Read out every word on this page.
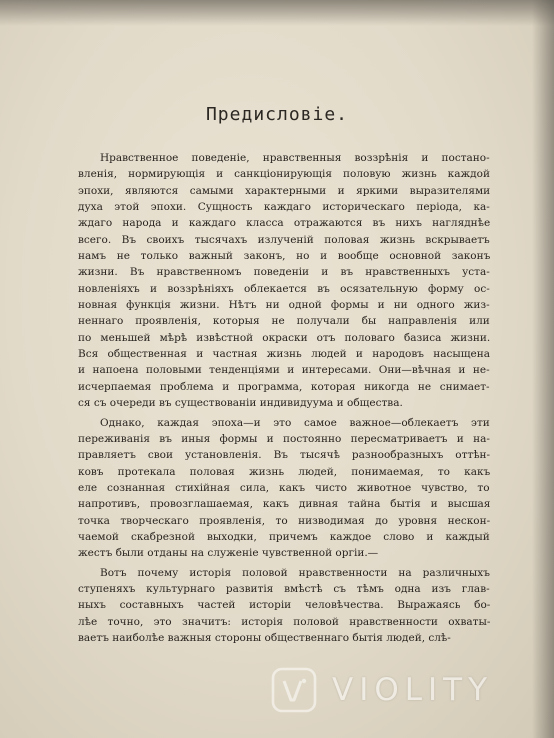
Предисловіе.
Нравственное поведеніе, нравственныя воззрѣнія и постано-
вленія, нормирующія и санкціонирующія половую жизнь каждой
эпохи, являются самыми характерными и яркими выразителями
духа этой эпохи. Сущность каждаго историческаго періода, ка-
ждаго народа и каждаго класса отражаются въ нихъ нагляднѣе
всего. Въ своихъ тысячахъ излученій половая жизнь вскрываетъ
намъ не только важный законъ, но и вообще основной законъ
жизни. Въ нравственномъ поведеніи и въ нравственныхъ уста-
новленіяхъ и воззрѣніяхъ облекается въ осязательную форму ос-
новная функція жизни. Нѣтъ ни одной формы и ни одного жиз-
неннаго проявленія, которыя не получали бы направленія или
по меньшей мѣрѣ извѣстной окраски отъ половаго базиса жизни.
Вся общественная и частная жизнь людей и народовъ насыщена
и напоена половыми тенденціями и интересами. Они—вѣчная и не-
исчерпаемая проблема и программа, которая никогда не снимает-
ся съ очереди въ существованіи индивидуума и общества.
Однако, каждая эпоха—и это самое важное—облекаетъ эти
переживанія въ иныя формы и постоянно пересматриваетъ и на-
правляетъ свои установленія. Въ тысячѣ разнообразныхъ оттѣн-
ковъ протекала половая жизнь людей, понимаемая, то какъ
еле сознанная стихійная сила, какъ чисто животное чувство, то
напротивъ, провозглашаемая, какъ дивная тайна бытія и высшая
точка творческаго проявленія, то низводимая до уровня нескон-
чаемой скабрезной выходки, причемъ каждое слово и каждый
жестъ были отданы на служеніе чувственной оргіи.—
Вотъ почему исторія половой нравственности на различныхъ
ступеняхъ культурнаго развитія вмѣстѣ съ тѣмъ одна изъ глав-
ныхъ составныхъ частей исторіи человѣчества. Выражаясь бо-
лѣе точно, это значитъ: исторія половой нравственности охваты-
ваетъ наиболѣе важныя стороны общественнаго бытія людей, слѣ-
VIOLITY
